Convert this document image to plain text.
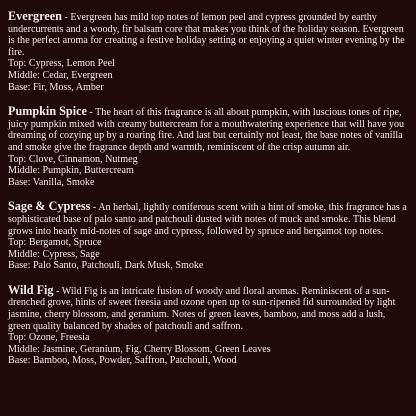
Evergreen - Evergreen has mild top notes of lemon peel and cypress grounded by earthy undercurrents and a woody, fir balsam core that makes you think of the holiday season. Evergreen is the perfect aroma for creating a festive holiday setting or enjoying a quiet winter evening by the fire.

Top: Cypress, Lemon Peel
Middle: Cedar, Evergreen
Base: Fir, Moss, Amber

Pumpkin Spice - The heart of this fragrance is all about pumpkin, with luscious tones of ripe, juicy pumpkin mixed with creamy buttercream for a mouthwatering experience that will have you dreaming of cozying up by a roaring fire. And last but certainly not least, the base notes of vanilla and smoke give the fragrance depth and warmth, reminiscent of the crisp autumn air.

Top: Clove, Cinnamon, Nutmeg
Middle: Pumpkin, Buttercream
Base: Vanilla, Smoke

Sage & Cypress - An herbal, lightly coniferous scent with a hint of smoke, this fragrance has a sophisticated base of palo santo and patchouli dusted with notes of muck and smoke. This blend grows into heady mid-notes of sage and cypress, followed by spruce and bergamot top notes.

Top: Bergamot, Spruce
Middle: Cypress, Sage
Base: Palo Santo, Patchouli, Dark Musk, Smoke

Wild Fig - Wild Fig is an intricate fusion of woody and floral aromas. Reminiscent of a sun-drenched grove, hints of sweet freesia and ozone open up to sun-ripened fid surrounded by light jasmine, cherry blossom, and geranium. Notes of green leaves, bamboo, and moss add a lush, green quality balanced by shades of patchouli and saffron.

Top: Ozone, Freesia
Middle: Jasmine, Geranium, Fig, Cherry Blossom, Green Leaves
Base: Bamboo, Moss, Powder, Saffron, Patchouli, Wood
